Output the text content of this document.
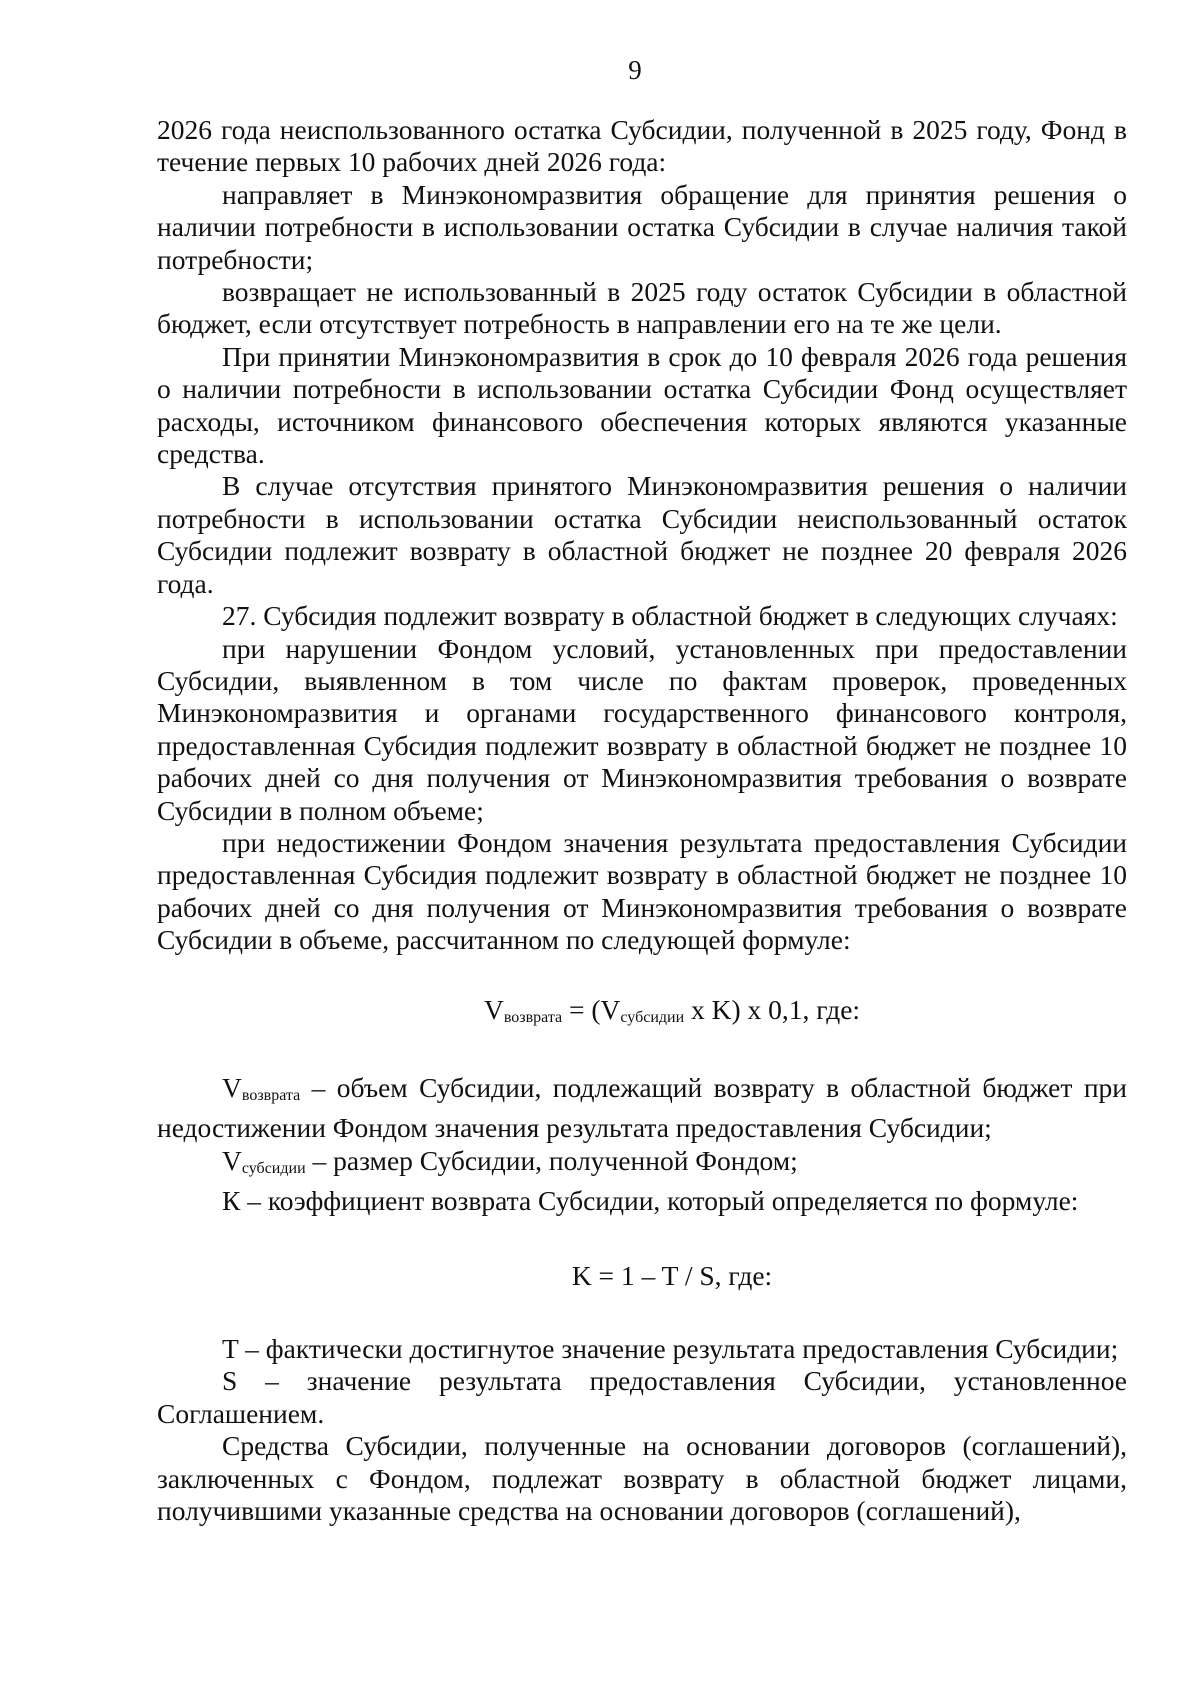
9

2026 года неиспользованного остатка Субсидии, полученной в 2025 году, Фонд в течение первых 10 рабочих дней 2026 года:

направляет в Минэкономразвития обращение для принятия решения о наличии потребности в использовании остатка Субсидии в случае наличия такой потребности;

возвращает не использованный в 2025 году остаток Субсидии в областной бюджет, если отсутствует потребность в направлении его на те же цели.

При принятии Минэкономразвития в срок до 10 февраля 2026 года решения о наличии потребности в использовании остатка Субсидии Фонд осуществляет расходы, источником финансового обеспечения которых являются указанные средства.

В случае отсутствия принятого Минэкономразвития решения о наличии потребности в использовании остатка Субсидии неиспользованный остаток Субсидии подлежит возврату в областной бюджет не позднее 20 февраля 2026 года.

27. Субсидия подлежит возврату в областной бюджет в следующих случаях:

при нарушении Фондом условий, установленных при предоставлении Субсидии, выявленном в том числе по фактам проверок, проведенных Минэкономразвития и органами государственного финансового контроля, предоставленная Субсидия подлежит возврату в областной бюджет не позднее 10 рабочих дней со дня получения от Минэкономразвития требования о возврате Субсидии в полном объеме;

при недостижении Фондом значения результата предоставления Субсидии предоставленная Субсидия подлежит возврату в областной бюджет не позднее 10 рабочих дней со дня получения от Минэкономразвития требования о возврате Субсидии в объеме, рассчитанном по следующей формуле:

Vвозврата = (Vсубсидии x K) x 0,1, где:

Vвозврата – объем Субсидии, подлежащий возврату в областной бюджет при недостижении Фондом значения результата предоставления Субсидии;

Vсубсидии – размер Субсидии, полученной Фондом;

К – коэффициент возврата Субсидии, который определяется по формуле:

K = 1 – T / S, где:

T – фактически достигнутое значение результата предоставления Субсидии;

S – значение результата предоставления Субсидии, установленное Соглашением.

Средства Субсидии, полученные на основании договоров (соглашений), заключенных с Фондом, подлежат возврату в областной бюджет лицами, получившими указанные средства на основании договоров (соглашений),
